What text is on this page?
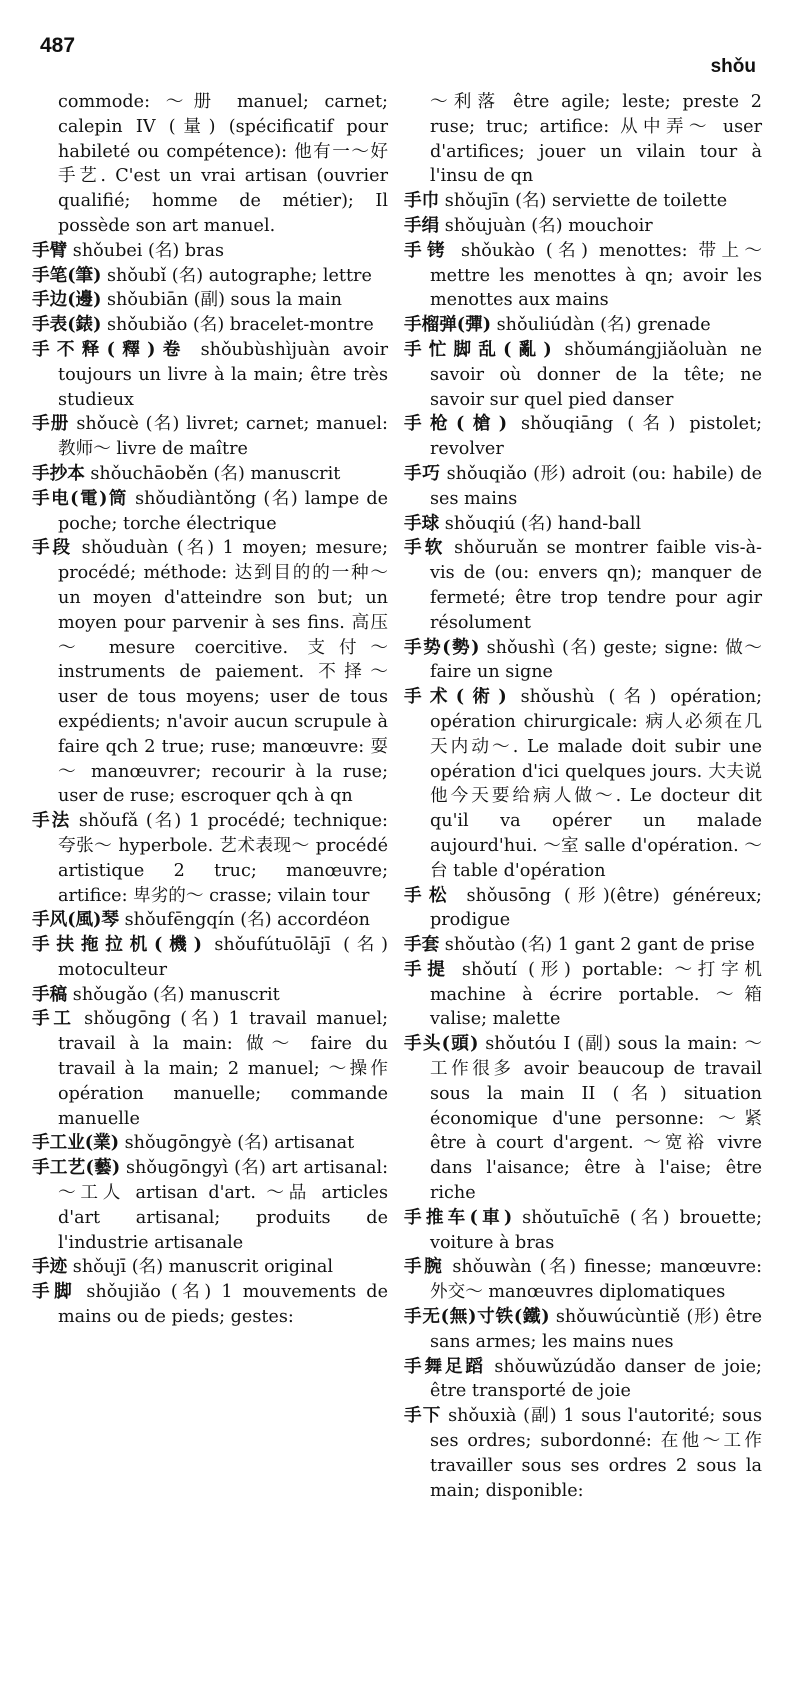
487
shǒu

commode: ～册 manuel; carnet; calepin IV (量) (spécificatif pour habileté ou compétence): 他有一～好手艺. C'est un vrai artisan (ouvrier qualifié; homme de métier); Il possède son art manuel.

手臂 shǒubei (名) bras

手笔(筆) shǒubǐ (名) autographe; lettre

手边(邊) shǒubiān (副) sous la main

手表(錶) shǒubiǎo (名) bracelet-montre

手不释(釋)卷 shǒubùshìjuàn avoir toujours un livre à la main; être très studieux

手册 shǒucè (名) livret; carnet; manuel: 教师～ livre de maître

手抄本 shǒuchāoběn (名) manuscrit

手电(電)筒 shǒudiàntǒng (名) lampe de poche; torche électrique

手段 shǒuduàn (名) 1 moyen; mesure; procédé; méthode: 达到目的的一种～ un moyen d'atteindre son but; un moyen pour parvenir à ses fins. 高压～ mesure coercitive. 支付～ instruments de paiement. 不择～ user de tous moyens; user de tous expédients; n'avoir aucun scrupule à faire qch 2 true; ruse; manœuvre: 耍～ manœuvrer; recourir à la ruse; user de ruse; escroquer qch à qn

手法 shǒufǎ (名) 1 procédé; technique: 夸张～ hyperbole. 艺术表现～ procédé artistique 2 truc; manœuvre; artifice: 卑劣的～ crasse; vilain tour

手风(風)琴 shǒufēngqín (名) accordéon

手扶拖拉机(機) shǒufútuōlājī (名) motoculteur

手稿 shǒugǎo (名) manuscrit

手工 shǒugōng (名) 1 travail manuel; travail à la main: 做～ faire du travail à la main; 2 manuel; ～操作 opération manuelle; commande manuelle

手工业(業) shǒugōngyè (名) artisanat

手工艺(藝) shǒugōngyì (名) art artisanal: ～工人 artisan d'art. ～品 articles d'art artisanal; produits de l'industrie artisanale

手迹 shǒujī (名) manuscrit original

手脚 shǒujiǎo (名) 1 mouvements de mains ou de pieds; gestes:

～利落 être agile; leste; preste 2 ruse; truc; artifice: 从中弄～ user d'artifices; jouer un vilain tour à l'insu de qn

手巾 shǒujīn (名) serviette de toilette

手绢 shǒujuàn (名) mouchoir

手铐 shǒukào (名) menottes: 带上～ mettre les menottes à qn; avoir les menottes aux mains

手榴弹(彈) shǒuliúdàn (名) grenade

手忙脚乱(亂) shǒumángjiǎoluàn ne savoir où donner de la tête; ne savoir sur quel pied danser

手枪(槍) shǒuqiāng (名) pistolet; revolver

手巧 shǒuqiǎo (形) adroit (ou: habile) de ses mains

手球 shǒuqiú (名) hand-ball

手软 shǒuruǎn se montrer faible vis-à-vis de (ou: envers qn); manquer de fermeté; être trop tendre pour agir résolument

手势(勢) shǒushì (名) geste; signe: 做～ faire un signe

手术(術) shǒushù (名) opération; opération chirurgicale: 病人必须在几天内动～. Le malade doit subir une opération d'ici quelques jours. 大夫说他今天要给病人做～. Le docteur dit qu'il va opérer un malade aujourd'hui. ～室 salle d'opération. ～台 table d'opération

手松 shǒusōng (形)(être) généreux; prodigue

手套 shǒutào (名) 1 gant 2 gant de prise

手提 shǒutí (形) portable: ～打字机 machine à écrire portable. ～箱 valise; malette

手头(頭) shǒutóu I (副) sous la main: ～工作很多 avoir beaucoup de travail sous la main II (名) situation économique d'une personne: ～紧 être à court d'argent. ～宽裕 vivre dans l'aisance; être à l'aise; être riche

手推车(車) shǒutuīchē (名) brouette; voiture à bras

手腕 shǒuwàn (名) finesse; manœuvre: 外交～ manœuvres diplomatiques

手无(無)寸铁(鐵) shǒuwúcùntiě (形) être sans armes; les mains nues

手舞足蹈 shǒuwǔzúdǎo danser de joie; être transporté de joie

手下 shǒuxià (副) 1 sous l'autorité; sous ses ordres; subordonné: 在他～工作 travailler sous ses ordres 2 sous la main; disponible:
